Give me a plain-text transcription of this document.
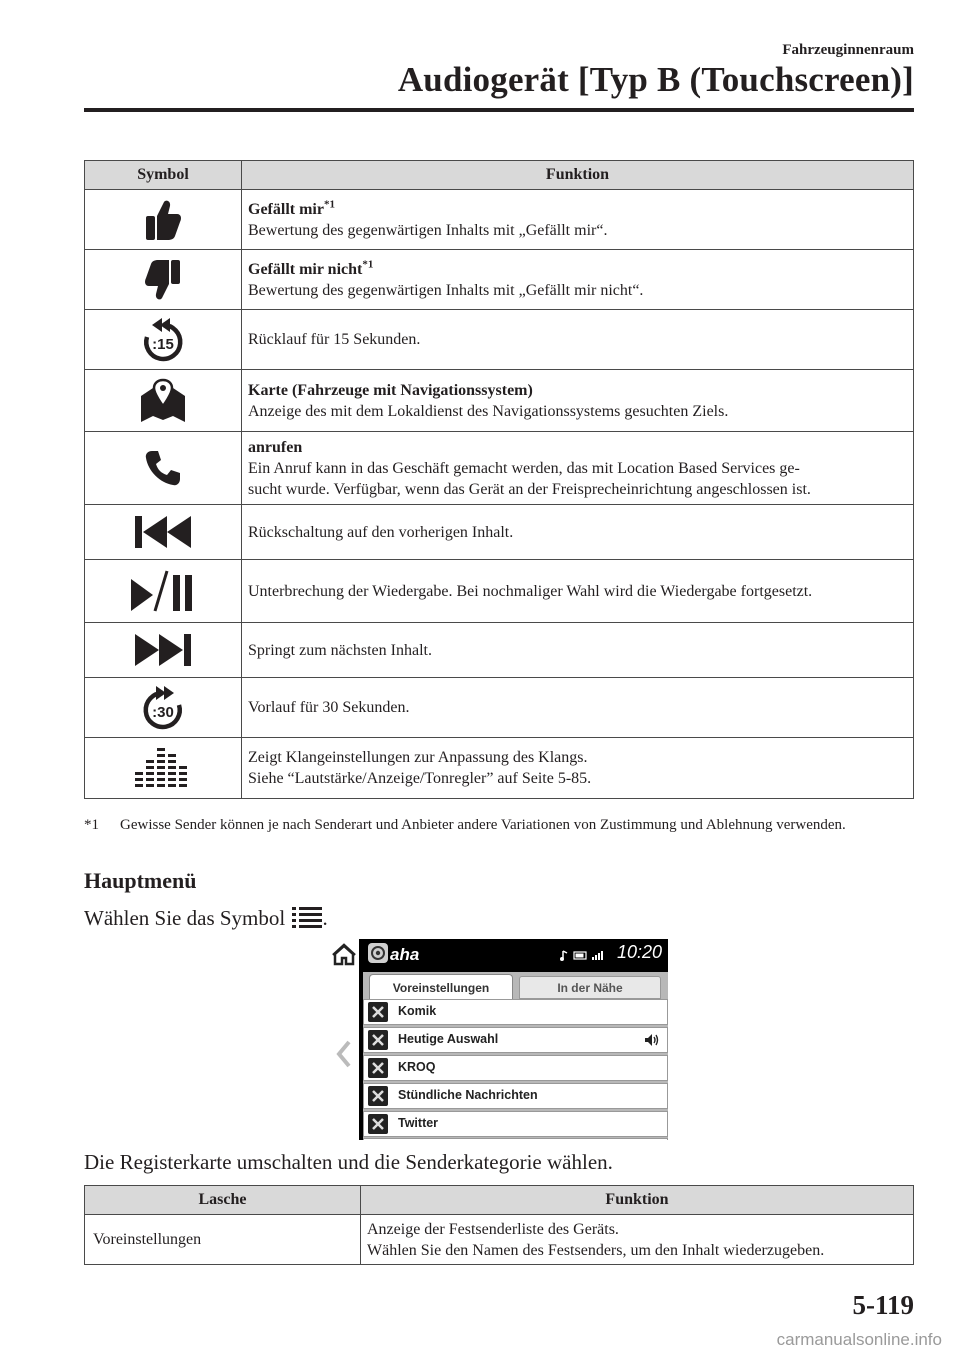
Fahrzeuginnenraum
Audiogerät [Typ B (Touchscreen)]
Symbol	Funktion

Gefällt mir$^{*1}$
Bewertung des gegenwärtigen Inhalts mit „Gefällt mir“.

Gefällt mir nicht$^{*1}$
Bewertung des gegenwärtigen Inhalts mit „Gefällt mir nicht“.

:15	Rücklauf für 15 Sekunden.

Karte (Fahrzeuge mit Navigationssystem)
Anzeige des mit dem Lokaldienst des Navigationssystems gesuchten Ziels.

anrufen
Ein Anruf kann in das Geschäft gemacht werden, das mit Location Based Services ge-
sucht wurde. Verfügbar, wenn das Gerät an der Freisprecheinrichtung angeschlossen ist.

Rückschaltung auf den vorherigen Inhalt.

Unterbrechung der Wiedergabe. Bei nochmaliger Wahl wird die Wiedergabe fortgesetzt.

Springt zum nächsten Inhalt.

:30	Vorlauf für 30 Sekunden.

Zeigt Klangeinstellungen zur Anpassung des Klangs.
Siehe “Lautstärke/Anzeige/Tonregler” auf Seite 5-85.
*1 Gewisse Sender können je nach Senderart und Anbieter andere Variationen von Zustimmung und Ablehnung verwenden.
Hauptmenü
Wählen Sie das Symbol .
aha	10:20
Voreinstellungen	In der Nähe
Komik
Heutige Auswahl
KROQ
Stündliche Nachrichten
Twitter
Die Registerkarte umschalten und die Senderkategorie wählen.
Lasche	Funktion
Voreinstellungen	Anzeige der Festsenderliste des Geräts.
Wählen Sie den Namen des Festsenders, um den Inhalt wiederzugeben.
5-119
carmanualsonline.info
